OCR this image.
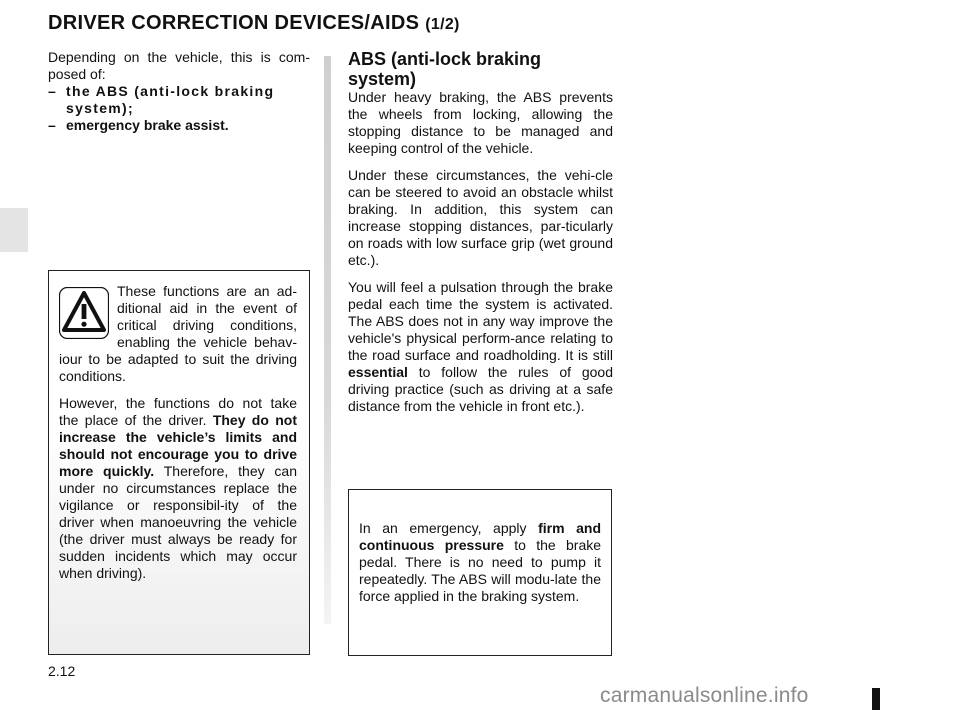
DRIVER CORRECTION DEVICES/AIDS (1/2)

Depending on the vehicle, this is com-posed of:

– the ABS (anti-lock braking system);
– emergency brake assist.

These functions are an ad-ditional aid in the event of critical driving conditions, enabling the vehicle behav-iour to be adapted to suit the driving conditions.

However, the functions do not take the place of the driver. They do not increase the vehicle’s limits and should not encourage you to drive more quickly. Therefore, they can under no circumstances replace the vigilance or responsibil-ity of the driver when manoeuvring the vehicle (the driver must always be ready for sudden incidents which may occur when driving).

ABS (anti-lock braking system)

Under heavy braking, the ABS prevents the wheels from locking, allowing the stopping distance to be managed and keeping control of the vehicle.

Under these circumstances, the vehi-cle can be steered to avoid an obstacle whilst braking. In addition, this system can increase stopping distances, par-ticularly on roads with low surface grip (wet ground etc.).

You will feel a pulsation through the brake pedal each time the system is activated. The ABS does not in any way improve the vehicle's physical perform-ance relating to the road surface and roadholding. It is still essential to follow the rules of good driving practice (such as driving at a safe distance from the vehicle in front etc.).

In an emergency, apply firm and continuous pressure to the brake pedal. There is no need to pump it repeatedly. The ABS will modu-late the force applied in the braking system.

2.12
carmanualsonline.info
